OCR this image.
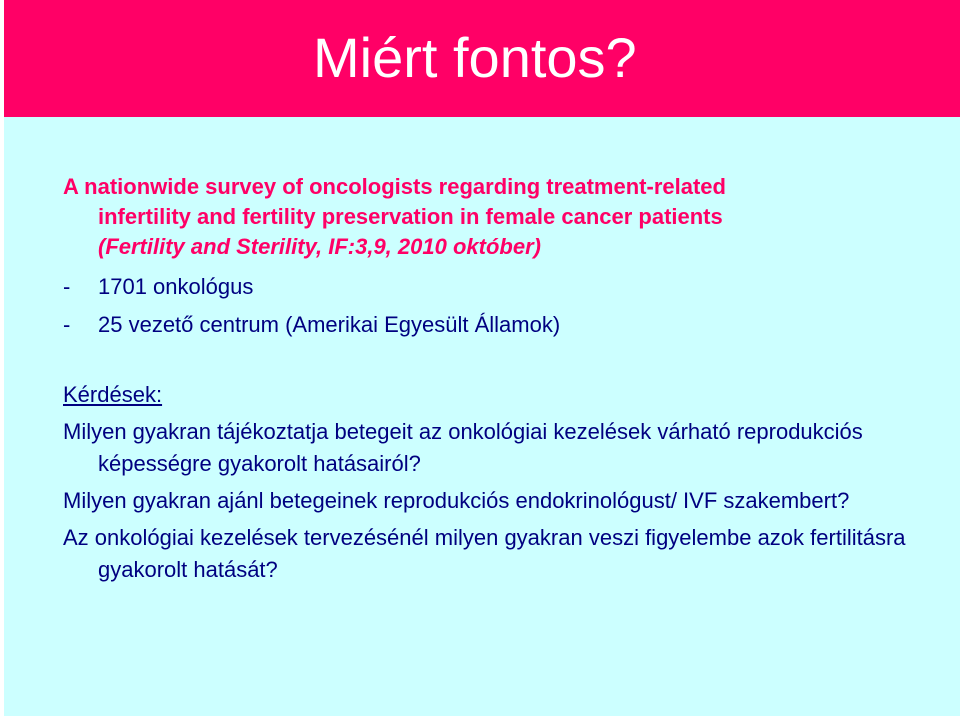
Miért fontos?

A nationwide survey of oncologists regarding treatment-related
infertility and fertility preservation in female cancer patients
(Fertility and Sterility, IF:3,9, 2010 október)

- 1701 onkológus
- 25 vezető centrum (Amerikai Egyesült Államok)

Kérdések:

Milyen gyakran tájékoztatja betegeit az onkológiai kezelések várható reprodukciós képességre gyakorolt hatásairól?
Milyen gyakran ajánl betegeinek reprodukciós endokrinológust/ IVF szakembert?
Az onkológiai kezelések tervezésénél milyen gyakran veszi figyelembe azok fertilitásra gyakorolt hatását?
